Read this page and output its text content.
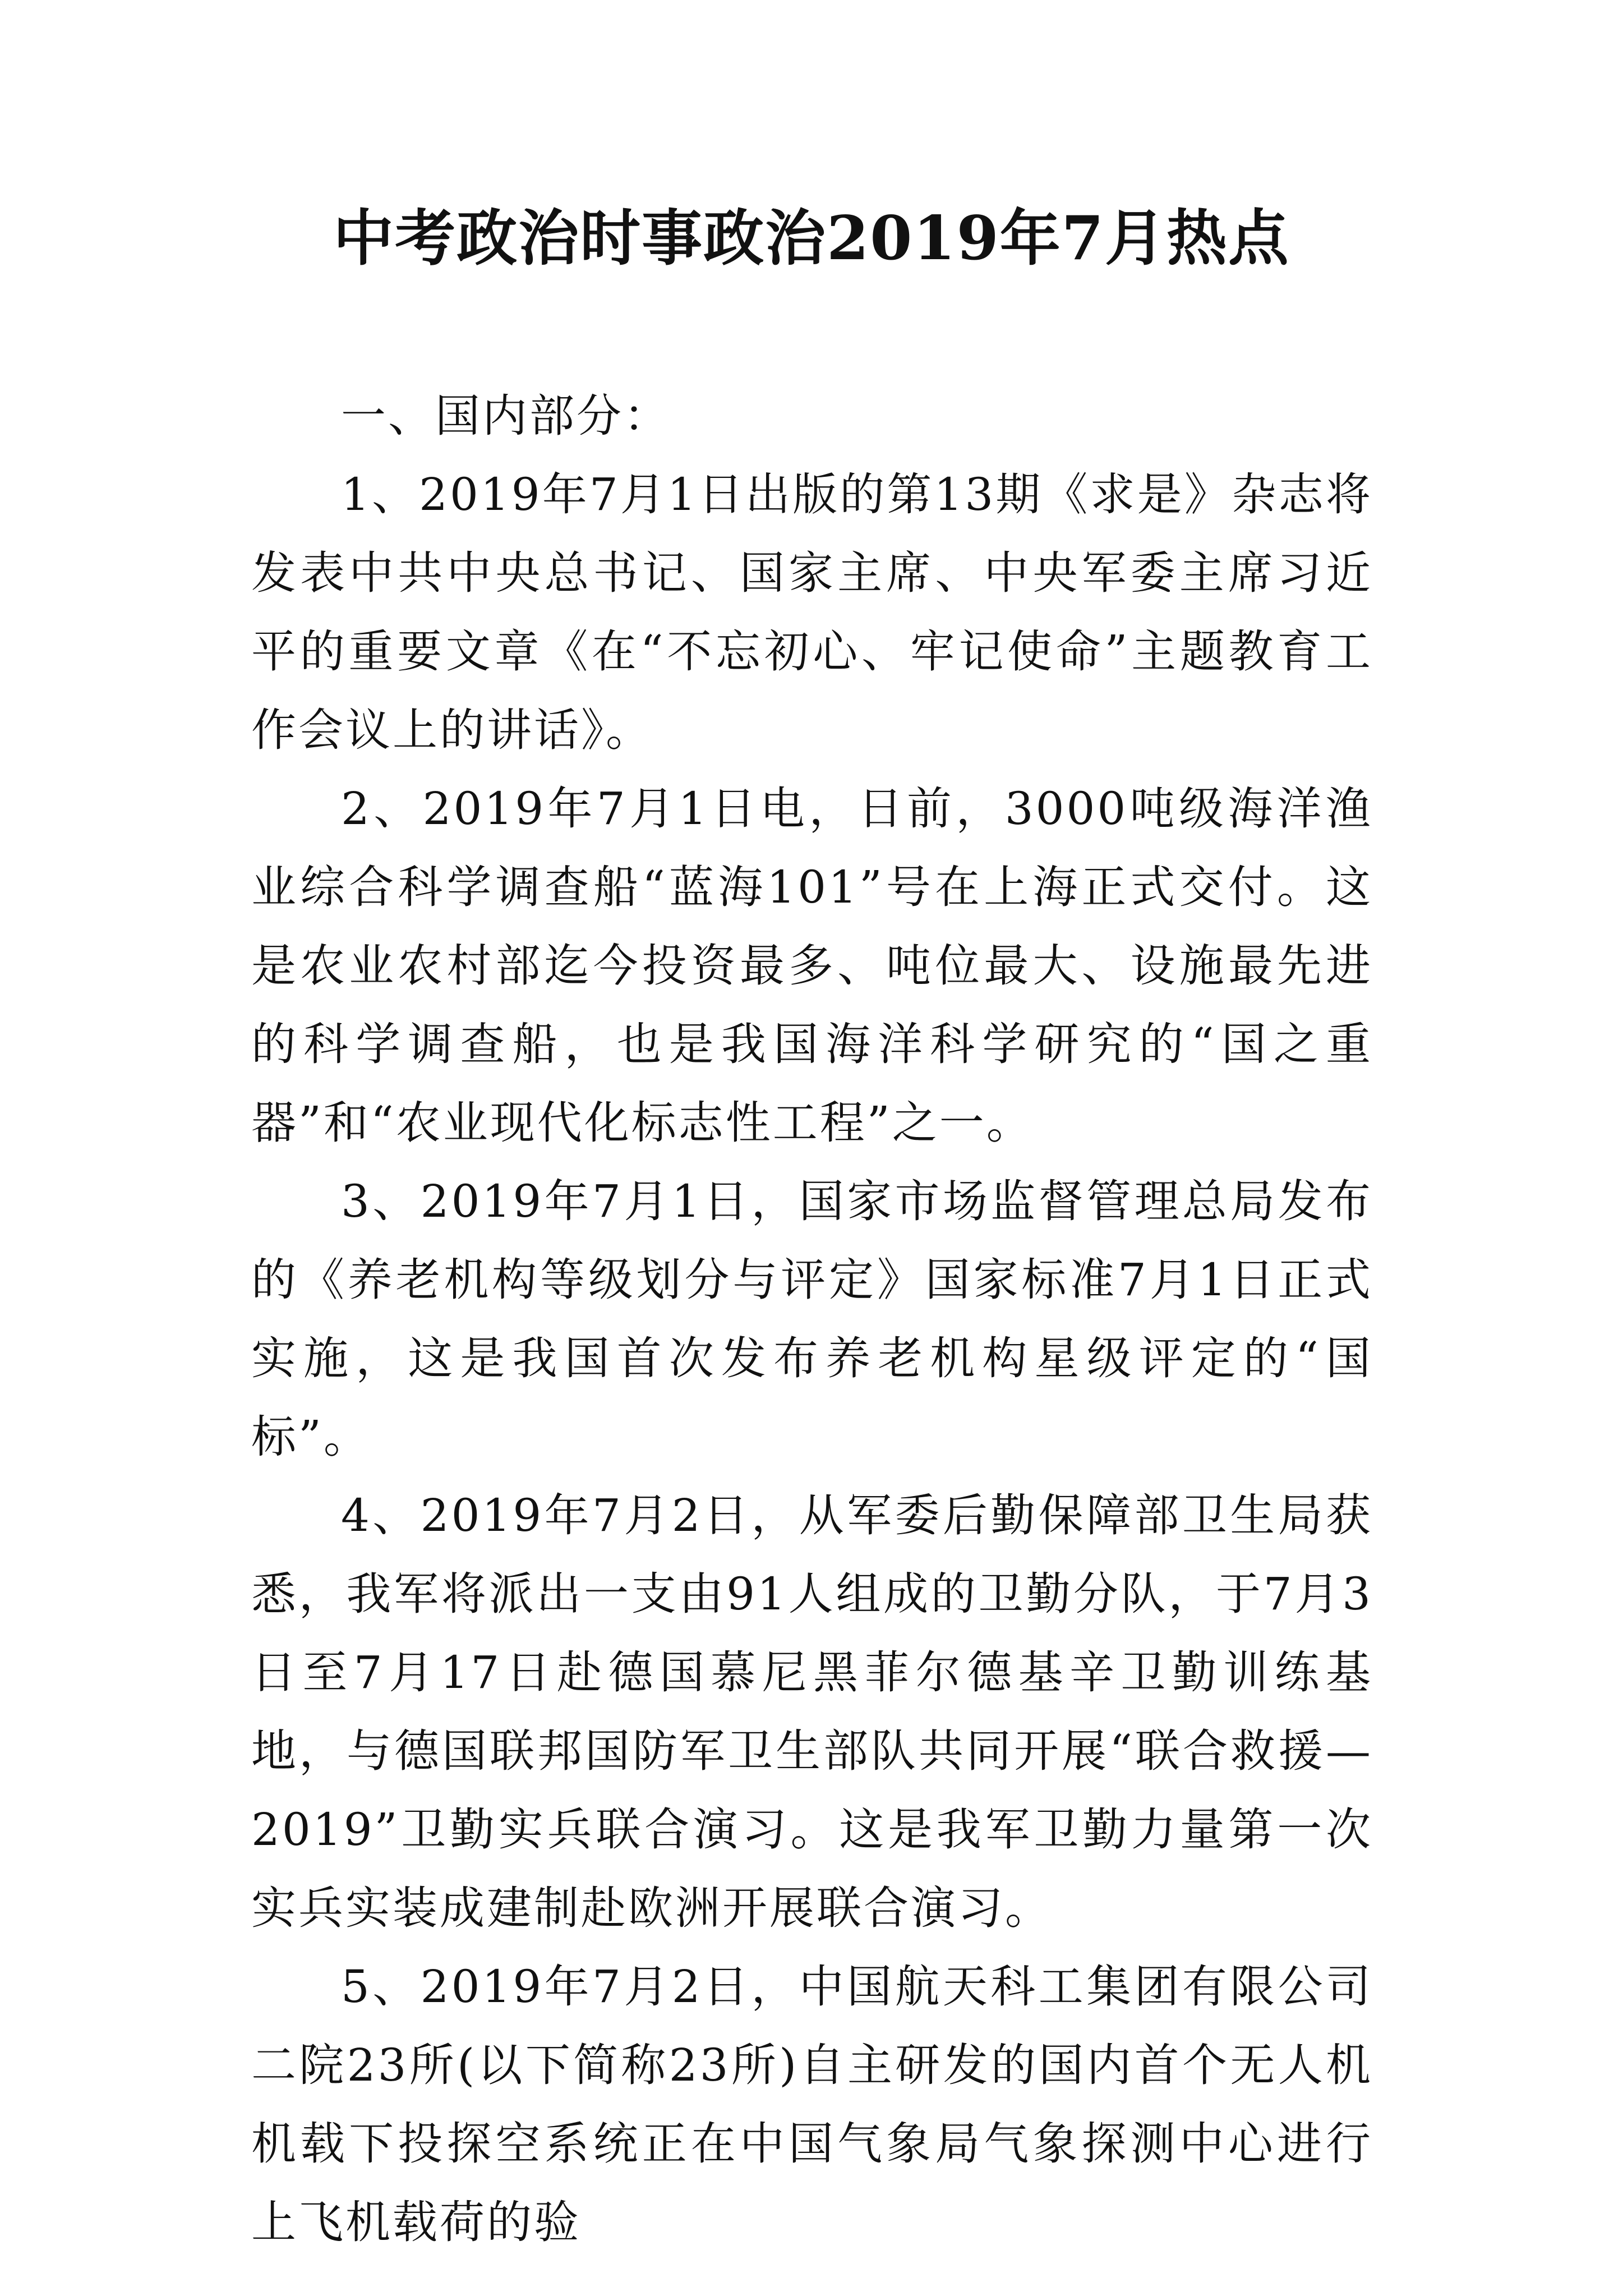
中考政治时事政治2019年7月热点

一、国内部分：

1、2019年7月1日出版的第13期《求是》杂志将发表中共中央总书记、国家主席、中央军委主席习近平的重要文章《在“不忘初心、牢记使命”主题教育工作会议上的讲话》。

2、2019年7月1日电，日前，3000吨级海洋渔业综合科学调查船“蓝海101”号在上海正式交付。这是农业农村部迄今投资最多、吨位最大、设施最先进的科学调查船，也是我国海洋科学研究的“国之重器”和“农业现代化标志性工程”之一。

3、2019年7月1日，国家市场监督管理总局发布的《养老机构等级划分与评定》国家标准7月1日正式实施，这是我国首次发布养老机构星级评定的“国标”。

4、2019年7月2日，从军委后勤保障部卫生局获悉，我军将派出一支由91人组成的卫勤分队，于7月3日至7月17日赴德国慕尼黑菲尔德基辛卫勤训练基地，与德国联邦国防军卫生部队共同开展“联合救援—2019”卫勤实兵联合演习。这是我军卫勤力量第一次实兵实装成建制赴欧洲开展联合演习。

5、2019年7月2日，中国航天科工集团有限公司二院23所(以下简称23所)自主研发的国内首个无人机机载下投探空系统正在中国气象局气象探测中心进行上飞机载荷的验
